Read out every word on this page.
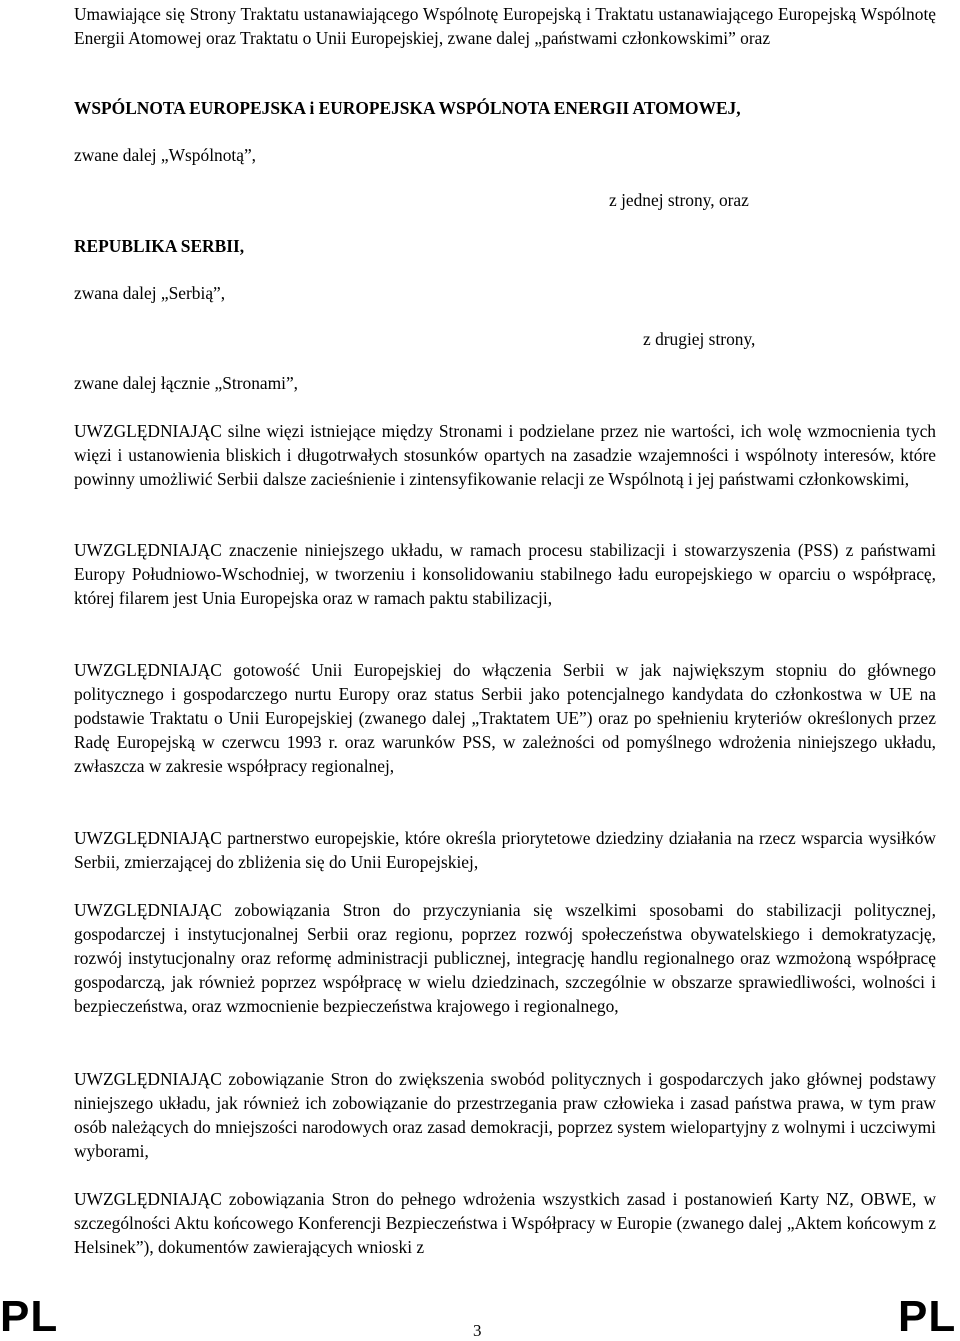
Umawiające się Strony Traktatu ustanawiającego Wspólnotę Europejską i Traktatu ustanawiającego Europejską Wspólnotę Energii Atomowej oraz Traktatu o Unii Europejskiej, zwane dalej „państwami członkowskimi” oraz

WSPÓLNOTA EUROPEJSKA i EUROPEJSKA WSPÓLNOTA ENERGII ATOMOWEJ,

zwane dalej „Wspólnotą”,

z jednej strony, oraz

REPUBLIKA SERBII,

zwana dalej „Serbią”,

z drugiej strony,

zwane dalej łącznie „Stronami”,

UWZGLĘDNIAJĄC silne więzi istniejące między Stronami i podzielane przez nie wartości, ich wolę wzmocnienia tych więzi i ustanowienia bliskich i długotrwałych stosunków opartych na zasadzie wzajemności i wspólnoty interesów, które powinny umożliwić Serbii dalsze zacieśnienie i zintensyfikowanie relacji ze Wspólnotą i jej państwami członkowskimi,

UWZGLĘDNIAJĄC znaczenie niniejszego układu, w ramach procesu stabilizacji i stowarzyszenia (PSS) z państwami Europy Południowo-Wschodniej, w tworzeniu i konsolidowaniu stabilnego ładu europejskiego w oparciu o współpracę, której filarem jest Unia Europejska oraz w ramach paktu stabilizacji,

UWZGLĘDNIAJĄC gotowość Unii Europejskiej do włączenia Serbii w jak największym stopniu do głównego politycznego i gospodarczego nurtu Europy oraz status Serbii jako potencjalnego kandydata do członkostwa w UE na podstawie Traktatu o Unii Europejskiej (zwanego dalej „Traktatem UE”) oraz po spełnieniu kryteriów określonych przez Radę Europejską w czerwcu 1993 r. oraz warunków PSS, w zależności od pomyślnego wdrożenia niniejszego układu, zwłaszcza w zakresie współpracy regionalnej,

UWZGLĘDNIAJĄC partnerstwo europejskie, które określa priorytetowe dziedziny działania na rzecz wsparcia wysiłków Serbii, zmierzającej do zbliżenia się do Unii Europejskiej,

UWZGLĘDNIAJĄC zobowiązania Stron do przyczyniania się wszelkimi sposobami do stabilizacji politycznej, gospodarczej i instytucjonalnej Serbii oraz regionu, poprzez rozwój społeczeństwa obywatelskiego i demokratyzację, rozwój instytucjonalny oraz reformę administracji publicznej, integrację handlu regionalnego oraz wzmożoną współpracę gospodarczą, jak również poprzez współpracę w wielu dziedzinach, szczególnie w obszarze sprawiedliwości, wolności i bezpieczeństwa, oraz wzmocnienie bezpieczeństwa krajowego i regionalnego,

UWZGLĘDNIAJĄC zobowiązanie Stron do zwiększenia swobód politycznych i gospodarczych jako głównej podstawy niniejszego układu, jak również ich zobowiązanie do przestrzegania praw człowieka i zasad państwa prawa, w tym praw osób należących do mniejszości narodowych oraz zasad demokracji, poprzez system wielopartyjny z wolnymi i uczciwymi wyborami,

UWZGLĘDNIAJĄC zobowiązania Stron do pełnego wdrożenia wszystkich zasad i postanowień Karty NZ, OBWE, w szczególności Aktu końcowego Konferencji Bezpieczeństwa i Współpracy w Europie (zwanego dalej „Aktem końcowym z Helsinek”), dokumentów zawierających wnioski z

PL	3	PL
